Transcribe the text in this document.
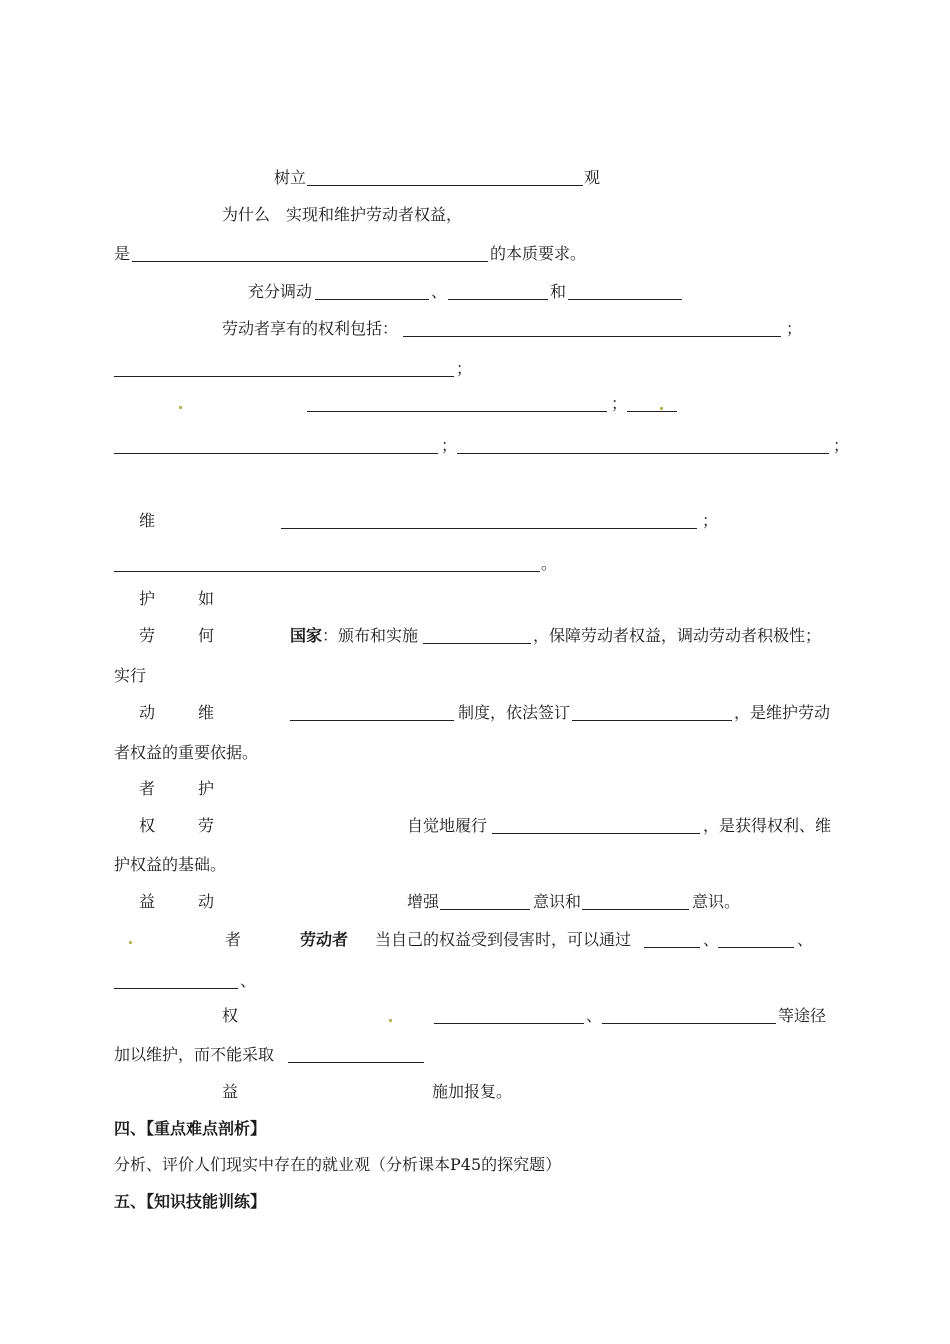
树立	观
为什么　实现和维护劳动者权益，
是	的本质要求。
充分调动	、	和
劳动者享有的权利包括：	；
；
；
；	；
维	；
。
护	如
劳	何	国家 ：颁布和实施	，保障劳动者权益，调动劳动者积极性；
实行
动	维	制度，依法签订	，是维护劳动
者权益的重要依据。
者	护
权	劳	自觉地履行	，是获得权利、维
护权益的基础。
益	动	增强	意识和	意识。
者	劳动者 当自己的权益受到侵害时，可以通过	、	、
、
权	、	等途径
加以维护，而不能采取
益	施加报复。
四、【重点难点剖析】
分析、评价人们现实中存在的就业观（分析课本P45的探究题）
五、【知识技能训练】
